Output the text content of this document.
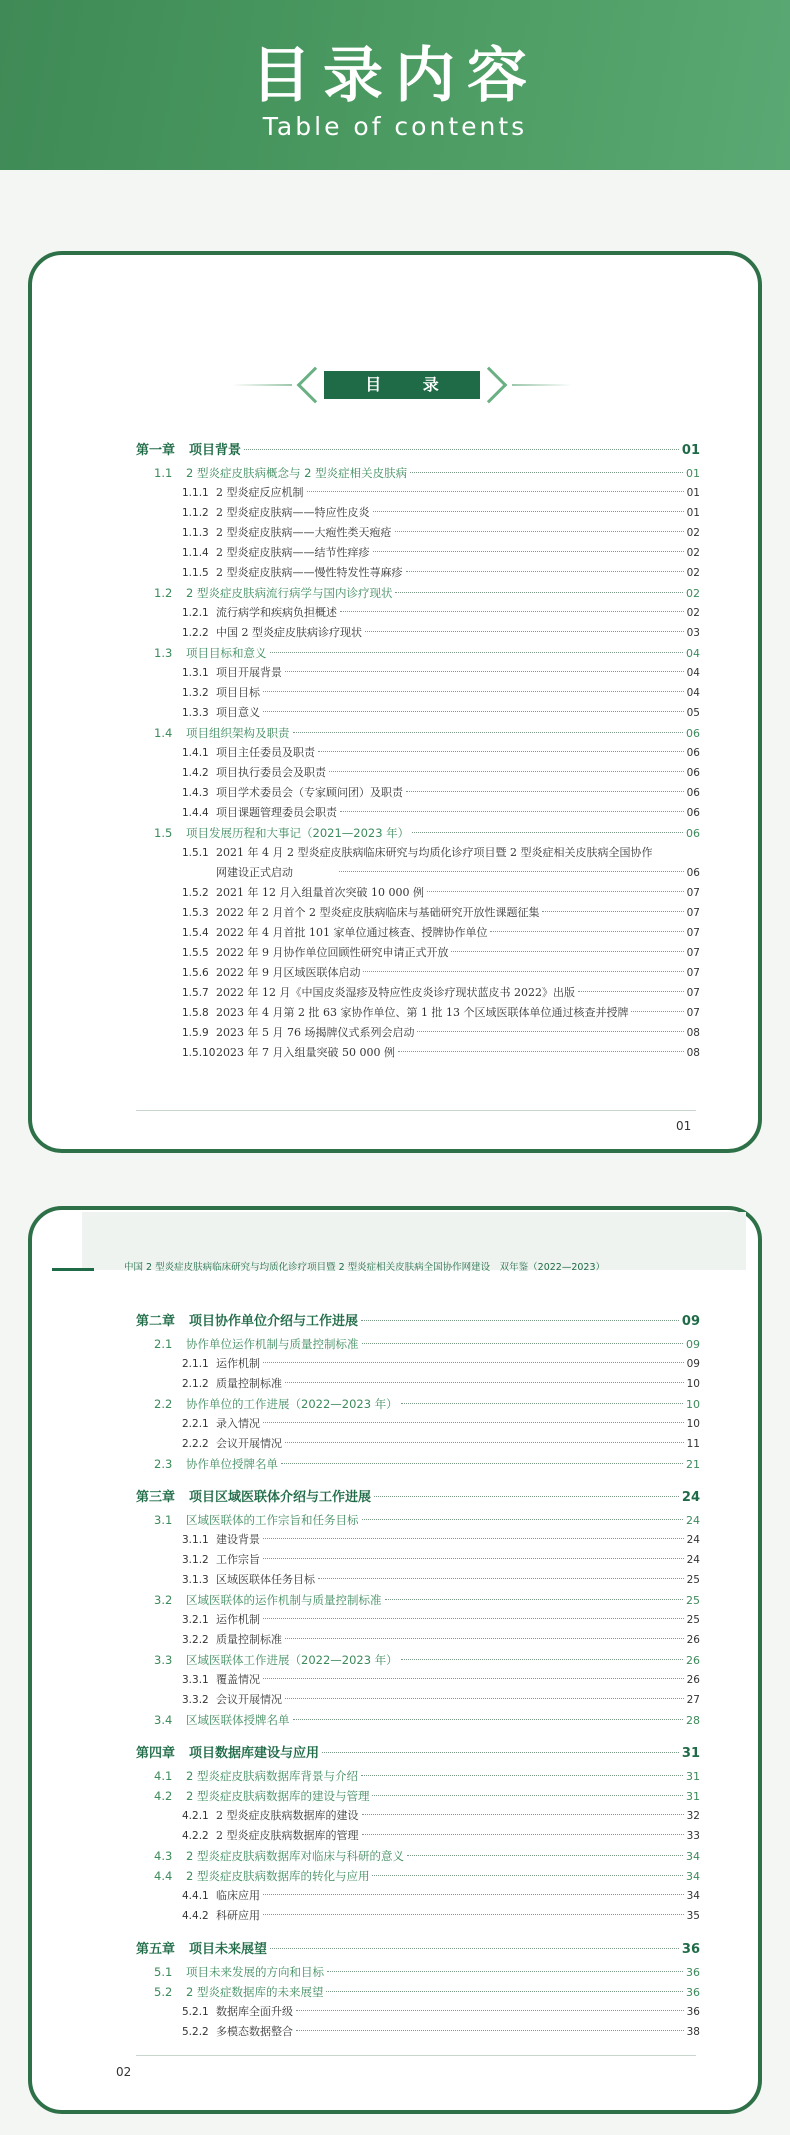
目录内容
Table of contents
目 录
第一章 项目背景	01
1.1	2 型炎症皮肤病概念与 2 型炎症相关皮肤病	01
1.1.1 2 型炎症反应机制	01
1.1.2 2 型炎症皮肤病——特应性皮炎	01
1.1.3 2 型炎症皮肤病——大疱性类天疱疮	02
1.1.4 2 型炎症皮肤病——结节性痒疹	02
1.1.5 2 型炎症皮肤病——慢性特发性荨麻疹	02
1.2	2 型炎症皮肤病流行病学与国内诊疗现状	02
1.2.1 流行病学和疾病负担概述	02
1.2.2 中国 2 型炎症皮肤病诊疗现状	03
1.3	项目目标和意义	04
1.3.1 项目开展背景	04
1.3.2 项目目标	04
1.3.3 项目意义	05
1.4	项目组织架构及职责	06
1.4.1 项目主任委员及职责	06
1.4.2 项目执行委员会及职责	06
1.4.3 项目学术委员会（专家顾问团）及职责	06
1.4.4 项目课题管理委员会职责	06
1.5	项目发展历程和大事记（2021—2023 年）	06
1.5.1 2021 年 4 月 2 型炎症皮肤病临床研究与均质化诊疗项目暨 2 型炎症相关皮肤病全国协作
网建设正式启动	06
1.5.2 2021 年 12 月入组量首次突破 10 000 例	07
1.5.3 2022 年 2 月首个 2 型炎症皮肤病临床与基础研究开放性课题征集	07
1.5.4 2022 年 4 月首批 101 家单位通过核查、授牌协作单位	07
1.5.5 2022 年 9 月协作单位回顾性研究申请正式开放	07
1.5.6 2022 年 9 月区域医联体启动	07
1.5.7 2022 年 12 月《中国皮炎湿疹及特应性皮炎诊疗现状蓝皮书 2022》出版	07
1.5.8 2023 年 4 月第 2 批 63 家协作单位、第 1 批 13 个区域医联体单位通过核查并授牌	07
1.5.9 2023 年 5 月 76 场揭牌仪式系列会启动	08
1.5.10 2023 年 7 月入组量突破 50 000 例	08
01
中国 2 型炎症皮肤病临床研究与均质化诊疗项目暨 2 型炎症相关皮肤病全国协作网建设　双年鉴（2022—2023）
第二章 项目协作单位介绍与工作进展	09
2.1	协作单位运作机制与质量控制标准	09
2.1.1 运作机制	09
2.1.2 质量控制标准	10
2.2	协作单位的工作进展（2022—2023 年）	10
2.2.1 录入情况	10
2.2.2 会议开展情况	11
2.3	协作单位授牌名单	21
第三章 项目区域医联体介绍与工作进展	24
3.1	区域医联体的工作宗旨和任务目标	24
3.1.1 建设背景	24
3.1.2 工作宗旨	24
3.1.3 区域医联体任务目标	25
3.2	区域医联体的运作机制与质量控制标准	25
3.2.1 运作机制	25
3.2.2 质量控制标准	26
3.3	区域医联体工作进展（2022—2023 年）	26
3.3.1 覆盖情况	26
3.3.2 会议开展情况	27
3.4	区域医联体授牌名单	28
第四章 项目数据库建设与应用	31
4.1	2 型炎症皮肤病数据库背景与介绍	31
4.2	2 型炎症皮肤病数据库的建设与管理	31
4.2.1 2 型炎症皮肤病数据库的建设	32
4.2.2 2 型炎症皮肤病数据库的管理	33
4.3	2 型炎症皮肤病数据库对临床与科研的意义	34
4.4	2 型炎症皮肤病数据库的转化与应用	34
4.4.1 临床应用	34
4.4.2 科研应用	35
第五章 项目未来展望	36
5.1	项目未来发展的方向和目标	36
5.2	2 型炎症数据库的未来展望	36
5.2.1 数据库全面升级	36
5.2.2 多模态数据整合	38
02
